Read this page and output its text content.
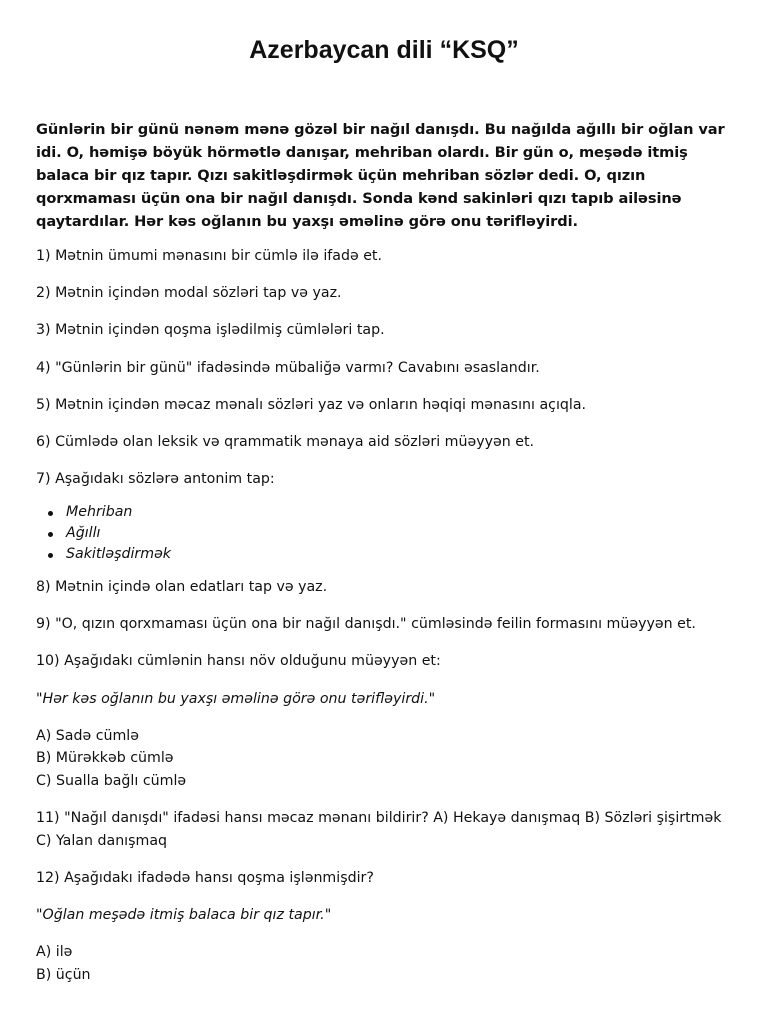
Azerbaycan dili “KSQ”

Günlərin bir günü nənəm mənə gözəl bir nağıl danışdı. Bu nağılda ağıllı bir oğlan var idi. O, həmişə böyük hörmətlə danışar, mehriban olardı. Bir gün o, meşədə itmiş balaca bir qız tapır. Qızı sakitləşdirmək üçün mehriban sözlər dedi. O, qızın qorxmaması üçün ona bir nağıl danışdı. Sonda kənd sakinləri qızı tapıb ailəsinə qaytardılar. Hər kəs oğlanın bu yaxşı əməlinə görə onu tərifləyirdi.

1) Mətnin ümumi mənasını bir cümlə ilə ifadə et.

2) Mətnin içindən modal sözləri tap və yaz.

3) Mətnin içindən qoşma işlədilmiş cümlələri tap.

4) "Günlərin bir günü" ifadəsində mübaliğə varmı? Cavabını əsaslandır.

5) Mətnin içindən məcaz mənalı sözləri yaz və onların həqiqi mənasını açıqla.

6) Cümlədə olan leksik və qrammatik mənaya aid sözləri müəyyən et.

7) Aşağıdakı sözlərə antonim tap:

Mehriban
Ağıllı
Sakitləşdirmək

8) Mətnin içində olan edatları tap və yaz.

9) "O, qızın qorxmaması üçün ona bir nağıl danışdı." cümləsində feilin formasını müəyyən et.

10) Aşağıdakı cümlənin hansı növ olduğunu müəyyən et:

"Hər kəs oğlanın bu yaxşı əməlinə görə onu tərifləyirdi."

A) Sadə cümlə
B) Mürəkkəb cümlə
C) Sualla bağlı cümlə

11) "Nağıl danışdı" ifadəsi hansı məcaz mənanı bildirir? A) Hekayə danışmaq B) Sözləri şişirtmək C) Yalan danışmaq

12) Aşağıdakı ifadədə hansı qoşma işlənmişdir?

"Oğlan meşədə itmiş balaca bir qız tapır."

A) ilə
B) üçün
